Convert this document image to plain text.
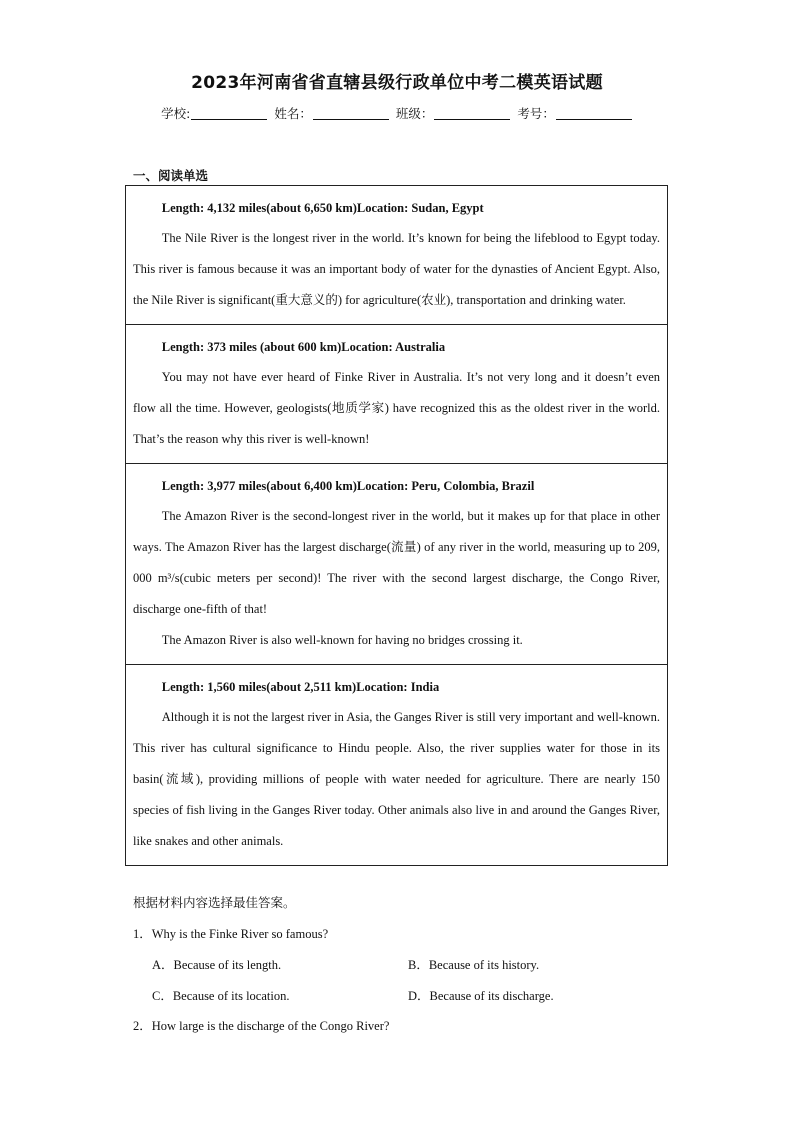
2023年河南省省直辖县级行政单位中考二模英语试题
学校:	姓名：	班级：	考号：
一、阅读单选

Length: 4,132 miles(about 6,650 km)Location: Sudan, Egypt

The Nile River is the longest river in the world. It’s known for being the lifeblood to Egypt today. This river is famous because it was an important body of water for the dynasties of Ancient Egypt. Also, the Nile River is significant(重大意义的) for agriculture(农业), transportation and drinking water.

Length: 373 miles (about 600 km)Location: Australia

You may not have ever heard of Finke River in Australia. It’s not very long and it doesn’t even flow all the time. However, geologists(地质学家) have recognized this as the oldest river in the world. That’s the reason why this river is well-known!

Length: 3,977 miles(about 6,400 km)Location: Peru, Colombia, Brazil

The Amazon River is the second-longest river in the world, but it makes up for that place in other ways. The Amazon River has the largest discharge(流量) of any river in the world, measuring up to 209, 000 m³/s(cubic meters per second)! The river with the second largest discharge, the Congo River, discharge one-fifth of that!

The Amazon River is also well-known for having no bridges crossing it.

Length: 1,560 miles(about 2,511 km)Location: India

Although it is not the largest river in Asia, the Ganges River is still very important and well-known. This river has cultural significance to Hindu people. Also, the river supplies water for those in its basin(流域), providing millions of people with water needed for agriculture. There are nearly 150 species of fish living in the Ganges River today. Other animals also live in and around the Ganges River, like snakes and other animals.

根据材料内容选择最佳答案。
1．Why is the Finke River so famous?
A．Because of its length.	B．Because of its history.
C．Because of its location.	D．Because of its discharge.
2．How large is the discharge of the Congo River?
